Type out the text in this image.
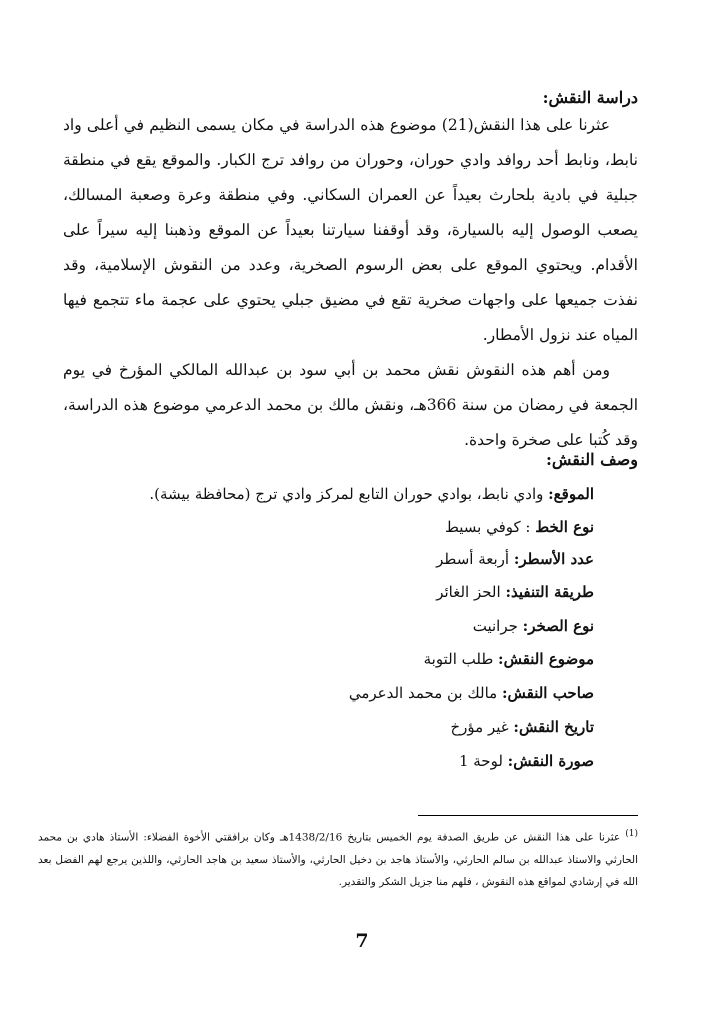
دراسة النقش:

عثرنا على هذا النقش(21) موضوع هذه الدراسة في مكان يسمى النظيم في أعلى واد نابط، ونابط أحد روافد وادي حوران، وحوران من روافد ترج الكبار. والموقع يقع في منطقة جبلية في بادية بلحارث بعيداً عن العمران السكاني. وفي منطقة وعرة وصعبة المسالك، يصعب الوصول إليه بالسيارة، وقد أوقفنا سيارتنا بعيداً عن الموقع وذهبنا إليه سيراً على الأقدام. ويحتوي الموقع على بعض الرسوم الصخرية، وعدد من النقوش الإسلامية، وقد نفذت جميعها على واجهات صخرية تقع في مضيق جبلي يحتوي على عجمة ماء تتجمع فيها المياه عند نزول الأمطار.

ومن أهم هذه النقوش نقش محمد بن أبي سود بن عبدالله المالكي المؤرخ في يوم الجمعة في رمضان من سنة 366هـ، ونقش مالك بن محمد الدعرمي موضوع هذه الدراسة، وقد كُتبا على صخرة واحدة.

وصف النقش:
الموقع: وادي نابط، بوادي حوران التابع لمركز وادي ترج (محافظة بيشة).
نوع الخط : كوفي بسيط
عدد الأسطر: أربعة أسطر
طريقة التنفيذ: الحز الغائر
نوع الصخر: جرانيت
موضوع النقش: طلب التوبة
صاحب النقش: مالك بن محمد الدعرمي
تاريخ النقش: غير مؤرخ
صورة النقش: لوحة 1
$^{(1)}$ عثرنا على هذا النقش عن طريق الصدفة يوم الخميس بتاريخ 1438/2/16هـ وكان برافقتي الأخوة الفضلاء: الأستاذ هادي بن محمد الحارثي والاستاذ عبدالله بن سالم الحارثي، والأستاذ هاجد بن دخيل الحارثي، والأستاذ سعيد بن هاجد الحارثي، واللذين يرجع لهم الفضل بعد الله في إرشادي لمواقع هذه النقوش ، فلهم منا جزيل الشكر والتقدير.
7
